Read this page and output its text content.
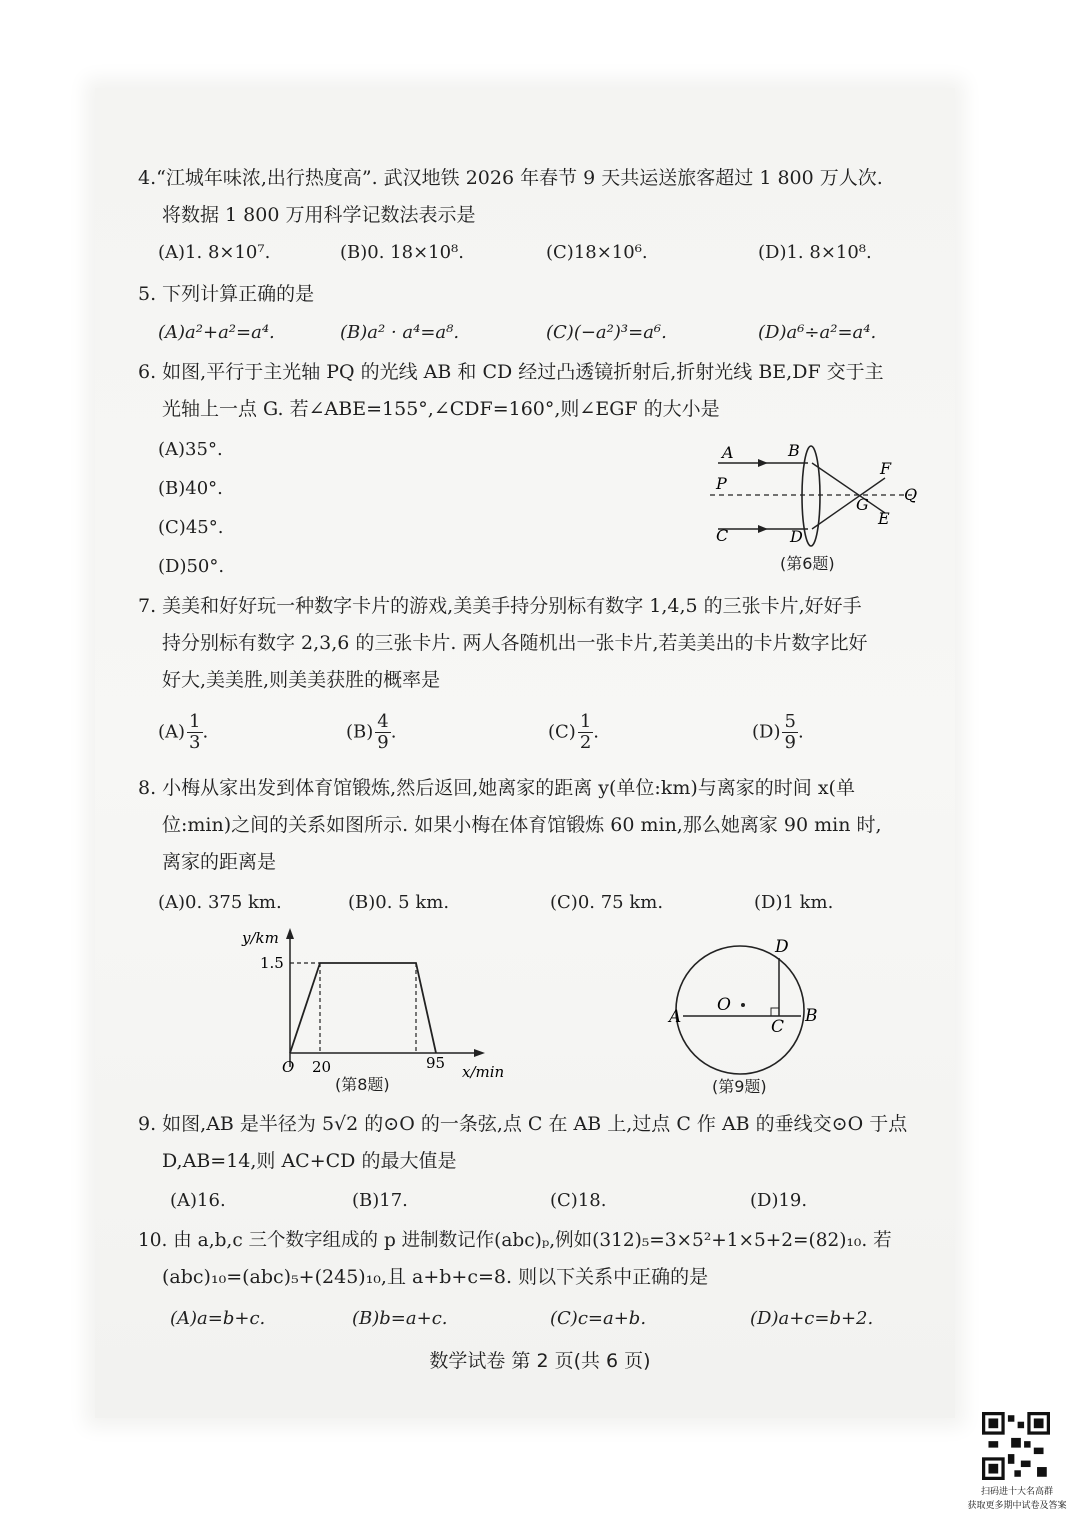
4.“江城年味浓,出行热度高”. 武汉地铁 2026 年春节 9 天共运送旅客超过 1 800 万人次.
将数据 1 800 万用科学记数法表示是
(A)1. 8×10⁷.	(B)0. 18×10⁸.	(C)18×10⁶.	(D)1. 8×10⁸.
5. 下列计算正确的是
(A)a²+a²=a⁴.	(B)a² · a⁴=a⁸.	(C)(−a²)³=a⁶.	(D)a⁶÷a²=a⁴.
6. 如图,平行于主光轴 PQ 的光线 AB 和 CD 经过凸透镜折射后,折射光线 BE,DF 交于主
光轴上一点 G. 若∠ABE=155°,∠CDF=160°,则∠EGF 的大小是
(A)35°.
(B)40°.
(C)45°.
(D)50°.
A	B
P
C	D
F
G
E
Q
(第6题)
7. 美美和好好玩一种数字卡片的游戏,美美手持分别标有数字 1,4,5 的三张卡片,好好手
持分别标有数字 2,3,6 的三张卡片. 两人各随机出一张卡片,若美美出的卡片数字比好
好大,美美胜,则美美获胜的概率是
$(A) \frac{1}{3}$ .	$(B) \frac{4}{9}$ .	$(C) \frac{1}{2}$ .	$(D) \frac{5}{9}$ .
8. 小梅从家出发到体育馆锻炼,然后返回,她离家的距离 y(单位:km)与离家的时间 x(单
位:min)之间的关系如图所示. 如果小梅在体育馆锻炼 60 min,那么她离家 90 min 时,
离家的距离是
(A)0. 375 km.	(B)0. 5 km.	(C)0. 75 km.	(D)1 km.
y/km
1.5
O 20	95 x/min
(第8题)
O
A	B
C
D
(第9题)
9. 如图,AB 是半径为 5√2 的⊙O 的一条弦,点 C 在 AB 上,过点 C 作 AB 的垂线交⊙O 于点
D,AB=14,则 AC+CD 的最大值是
(A)16.	(B)17.	(C)18.	(D)19.
10. 由 a,b,c 三个数字组成的 p 进制数记作(abc)ₚ,例如(312)₅=3×5²+1×5+2=(82)₁₀. 若
(abc)₁₀=(abc)₅+(245)₁₀,且 a+b+c=8. 则以下关系中正确的是
(A)a=b+c.	(B)b=a+c.	(C)c=a+b.	(D)a+c=b+2.
数学试卷 第 2 页(共 6 页)
扫码进十大名高群
获取更多期中试卷及答案
